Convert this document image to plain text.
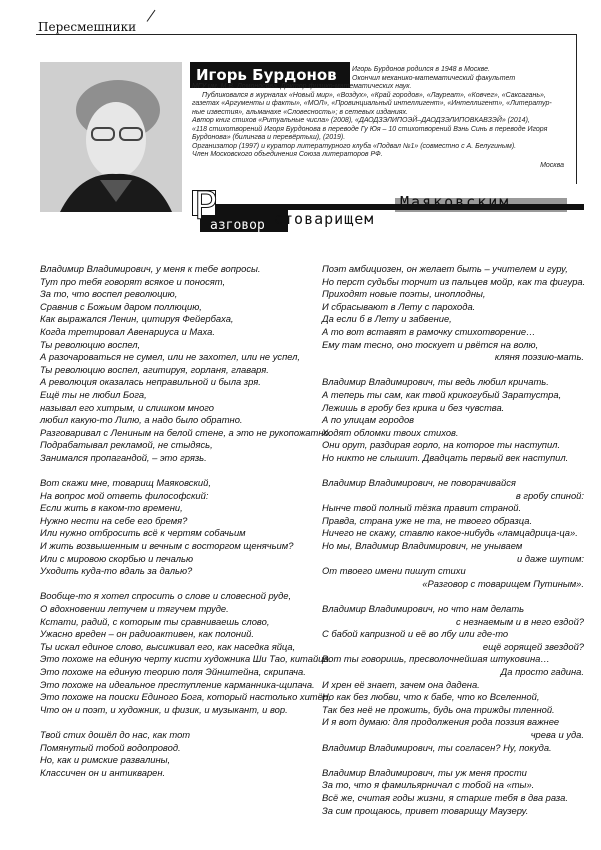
Пересмешники
Игорь Бурдонов	Игорь Бурдонов родился в 1948 в Москве.

Окончил механико-математический факультет

МГУ им. М.В. Ломоносова. Доктор физико-математических наук.

Публиковался в журналах «Новый мир», «Воздух», «Край городов», «Лауреат», «Ковчег», «Саксагань»,

газетах «Аргументы и факты», «МОЛ», «Провинциальный интеллигент», «Интеллигент», «Литератур-

ные известия», альманахе «Словесность»; в сетевых изданиях.

Автор книг стихов «Ритуальные числа» (2008), «ДАОДЗЭЛИПОЭЙ–ДАОДЗЭЛИПОВКАВЗЭЙ» (2014),

«118 стихотворений Игоря Бурдонова в переводе Гу Юя – 10 стихотворений Вэнь Синь в переводе Игоря

Бурдонова» (билингва и перевёртыш), (2019).

Организатор (1997) и куратор литературного клуба «Подвал №1» (совместно с А. Белугиным).

Член Московского объединения Союза литераторов РФ.

Москва

Р	стоварищем
Маяковским
азговор
Владимир Владимирович, у меня к тебе вопросы.
Тут про тебя говорят всякое и поносят,
За то, что воспел революцию,
Сравнив с Божьим даром поллюцию,
Как выражался Ленин, цитируя Фейербаха,
Когда третировал Авенариуса и Маха.
Ты революцию воспел,
А разочароваться не сумел, или не захотел, или не успел,
Ты революцию воспел, агитируя, горланя, главаря.
А революция оказалась неправильной и была зря.
Ещё ты не любил Бога,
называл его хитрым, и слишком много
любил какую-то Лилю, а надо было обратно.
Разговаривал с Лениным на белой стене, а это не рукопожатно.
Подрабатывал рекламой, не стыдясь,
Занимался пропагандой, – это грязь.
Вот скажи мне, товарищ Маяковский,
На вопрос мой ответь философский:
Если жить в каком-то времени,
Нужно нести на себе его бремя?
Или нужно отбросить всё к чертям собачьим
И жить возвышенным и вечным с восторгом щенячьим?
Или с мировою скорбью и печалью
Уходить куда-то вдаль за далью?
Вообще-то я хотел спросить о слове и словесной руде,
О вдохновении летучем и тягучем труде.
Кстати, радий, с которым ты сравниваешь слово,
Ужасно вреден – он радиоактивен, как полоний.
Ты искал единое слово, высиживал его, как наседка яйца,
Это похоже на единую черту кисти художника Ши Тао, китайца.
Это похоже на единую теорию поля Эйнштейна, скрипача.
Это похоже на идеальное преступление карманника-щипача.
Это похоже на поиски Единого Бога, который настолько хитёр,
Что он и поэт, и художник, и физик, и музыкант, и вор.
Твой стих дошёл до нас, как тот
Помянутый тобой водопровод.
Но, как и римские развалины,
Классичен он и антикварен.
Поэт амбициозен, он желает быть – учителем и гуру,
Но перст судьбы торчит из пальцев мойр, как та фигура.
Приходят новые поэты, иноплодны,
И сбрасывают в Лету с парохода.
Да если б в Лету и забвение,
А то вот вставят в рамочку стихотворение…
Ему там тесно, оно тоскует и рвётся на волю,
кляня поэзию-мать.
Владимир Владимирович, ты ведь любил кричать.
А теперь ты сам, как твой крикогубый Заратустра,
Лежишь в гробу без крика и без чувства.
А по улицам городов
Ходят обломки твоих стихов.
Они орут, раздирая горло, на которое ты наступил.
Но никто не слышит. Двадцать первый век наступил.
Владимир Владимирович, не поворачивайся
в гробу спиной:
Нынче твой полный тёзка правит страной.
Правда, страна уже не та, не твоего образца.
Ничего не скажу, ставлю какое-нибудь «ламцадрица-ца».
Но мы, Владимир Владимирович, не унываем
и даже шутим:
От твоего имени пишут стихи
«Разговор с товарищем Путиным».
Владимир Владимирович, но что нам делать
с незнаемым и в него ездой?
С бабой капризной и её во лбу или где-то
ещё горящей звездой?
Вот ты говоришь, пресволочнейшая штуковина…
Да просто гадина.
И хрен её знает, зачем она дадена.
Но как без любви, что к бабе, что ко Вселенной,
Так без неё не прожить, будь она трижды тленной.
И я вот думаю: для продолжения рода поэзия важнее
чрева и уда.
Владимир Владимирович, ты согласен? Ну, покуда.
Владимир Владимирович, ты уж меня прости
За то, что я фамильярничал с тобой на «ты».
Всё же, считая годы жизни, я старше тебя в два раза.
За сим прощаюсь, привет товарищу Маузеру.
